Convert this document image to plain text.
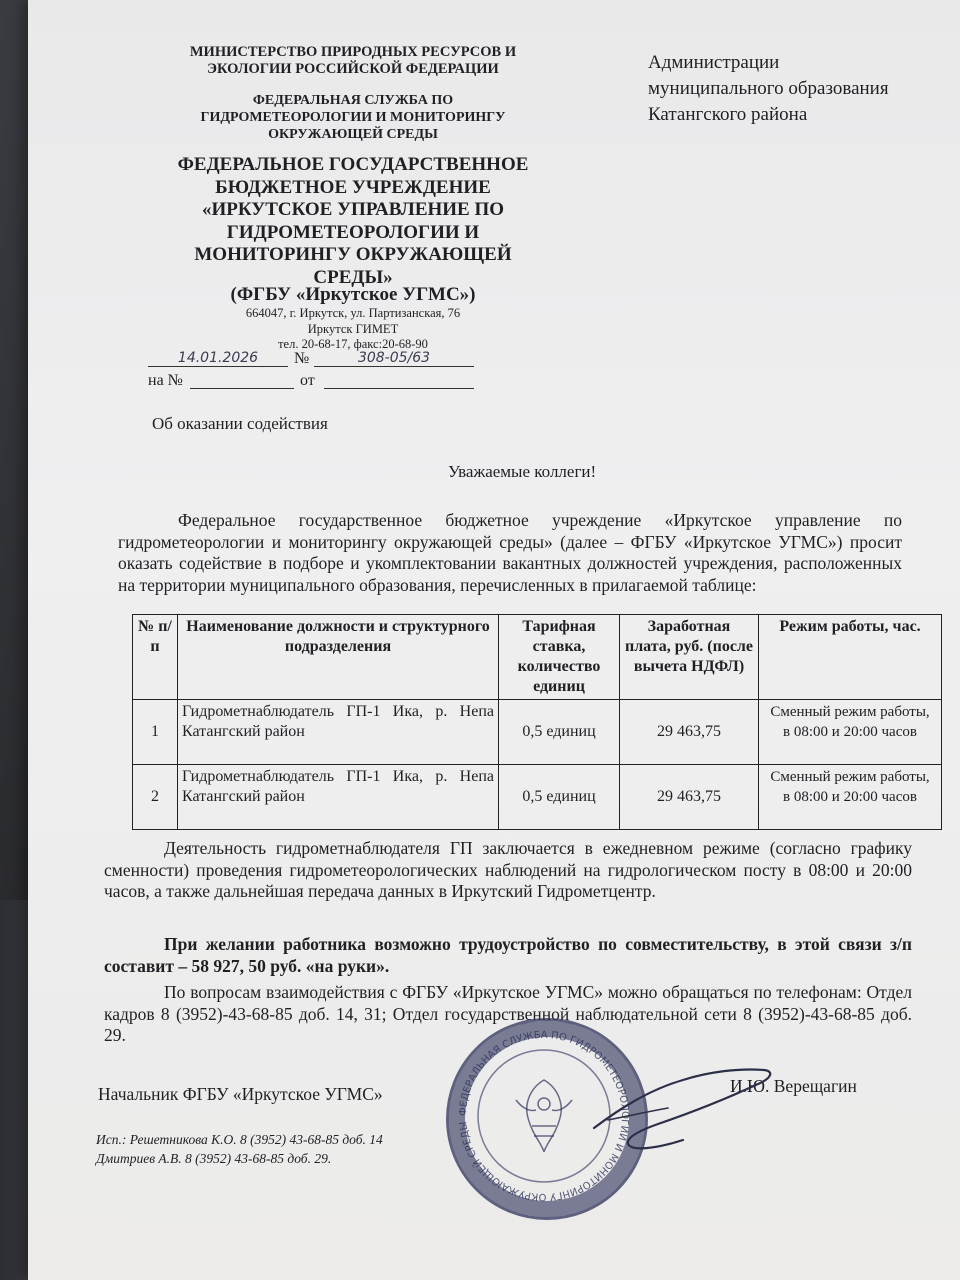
МИНИСТЕРСТВО ПРИРОДНЫХ РЕСУРСОВ И ЭКОЛОГИИ РОССИЙСКОЙ ФЕДЕРАЦИИ
ФЕДЕРАЛЬНАЯ СЛУЖБА ПО ГИДРОМЕТЕОРОЛОГИИ И МОНИТОРИНГУ ОКРУЖАЮЩЕЙ СРЕДЫ
ФЕДЕРАЛЬНОЕ ГОСУДАРСТВЕННОЕ БЮДЖЕТНОЕ УЧРЕЖДЕНИЕ «ИРКУТСКОЕ УПРАВЛЕНИЕ ПО ГИДРОМЕТЕОРОЛОГИИ И МОНИТОРИНГУ ОКРУЖАЮЩЕЙ СРЕДЫ»
(ФГБУ «Иркутское УГМС»)
664047, г. Иркутск, ул. Партизанская, 76
Иркутск ГИМЕТ
тел. 20-68-17, факс:20-68-90
14.01.2026	№	308-05/63
на №	от
Администрации
муниципального образования
Катангского района
Об оказании содействия
Уважаемые коллеги!
Федеральное государственное бюджетное учреждение «Иркутское управление по гидрометеорологии и мониторингу окружающей среды» (далее – ФГБУ «Иркутское УГМС») просит оказать содействие в подборе и укомплектовании вакантных должностей учреждения, расположенных на территории муниципального образования, перечисленных в прилагаемой таблице:
№ п/п	Наименование должности и структурного подразделения	Тарифная ставка, количество единиц	Заработная плата, руб. (после вычета НДФЛ)	Режим работы, час.
1	Гидрометнаблюдатель ГП-1 Ика, р. Непа Катангский район	0,5 единиц	29 463,75	Сменный режим работы,
в 08:00 и 20:00 часов

2	Гидрометнаблюдатель ГП-1 Ика, р. Непа Катангский район	0,5 единиц	29 463,75	Сменный режим работы,
в 08:00 и 20:00 часов
Деятельность гидрометнаблюдателя ГП заключается в ежедневном режиме (согласно графику сменности) проведения гидрометеорологических наблюдений на гидрологическом посту в 08:00 и 20:00 часов, а также дальнейшая передача данных в Иркутский Гидрометцентр.
При желании работника возможно трудоустройство по совместительству, в этой связи з/п составит – 58 927, 50 руб. «на руки».
По вопросам взаимодействия с ФГБУ «Иркутское УГМС» можно обращаться по телефонам: Отдел кадров 8 (3952)-43-68-85 доб. 14, 31; Отдел государственной наблюдательной сети 8 (3952)-43-68-85 доб. 29.
Начальник ФГБУ «Иркутское УГМС»	И.Ю. Верещагин
Исп.: Решетникова К.О. 8 (3952) 43-68-85 доб. 14
Дмитриев А.В. 8 (3952) 43-68-85 доб. 29.
ФЕДЕРАЛЬНАЯ СЛУЖБА ПО ГИДРОМЕТЕОРОЛОГИИ И МОНИТОРИНГУ ОКРУЖАЮЩЕЙ СРЕДЫ
